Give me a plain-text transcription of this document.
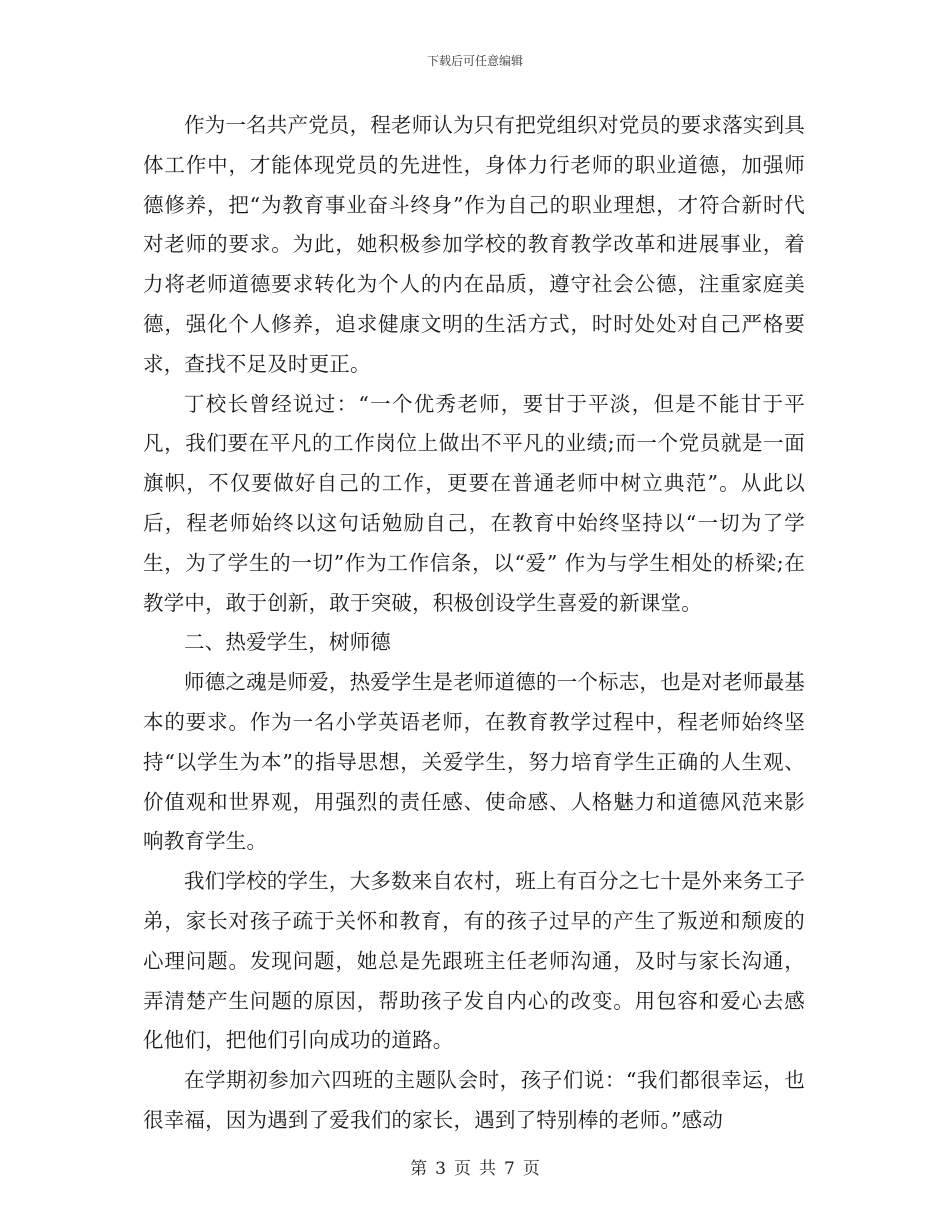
下载后可任意编辑

作为一名共产党员，程老师认为只有把党组织对党员的要求落实到具体工作中，才能体现党员的先进性，身体力行老师的职业道德，加强师德修养，把“为教育事业奋斗终身”作为自己的职业理想，才符合新时代对老师的要求。为此，她积极参加学校的教育教学改革和进展事业，着力将老师道德要求转化为个人的内在品质，遵守社会公德，注重家庭美德，强化个人修养，追求健康文明的生活方式，时时处处对自己严格要求，查找不足及时更正。

丁校长曾经说过：“一个优秀老师，要甘于平淡，但是不能甘于平凡，我们要在平凡的工作岗位上做出不平凡的业绩;而一个党员就是一面旗帜，不仅要做好自己的工作，更要在普通老师中树立典范”。从此以后，程老师始终以这句话勉励自己，在教育中始终坚持以“一切为了学生，为了学生的一切”作为工作信条，以“爱” 作为与学生相处的桥梁;在教学中，敢于创新，敢于突破，积极创设学生喜爱的新课堂。

二、热爱学生，树师德

师德之魂是师爱，热爱学生是老师道德的一个标志，也是对老师最基本的要求。作为一名小学英语老师，在教育教学过程中，程老师始终坚持“以学生为本”的指导思想，关爱学生，努力培育学生正确的人生观、价值观和世界观，用强烈的责任感、使命感、人格魅力和道德风范来影响教育学生。

我们学校的学生，大多数来自农村，班上有百分之七十是外来务工子弟，家长对孩子疏于关怀和教育，有的孩子过早的产生了叛逆和颓废的心理问题。发现问题，她总是先跟班主任老师沟通，及时与家长沟通，弄清楚产生问题的原因，帮助孩子发自内心的改变。用包容和爱心去感化他们，把他们引向成功的道路。

在学期初参加六四班的主题队会时，孩子们说：“我们都很幸运，也很幸福，因为遇到了爱我们的家长，遇到了特别棒的老师。”感动

第 3 页 共 7 页
